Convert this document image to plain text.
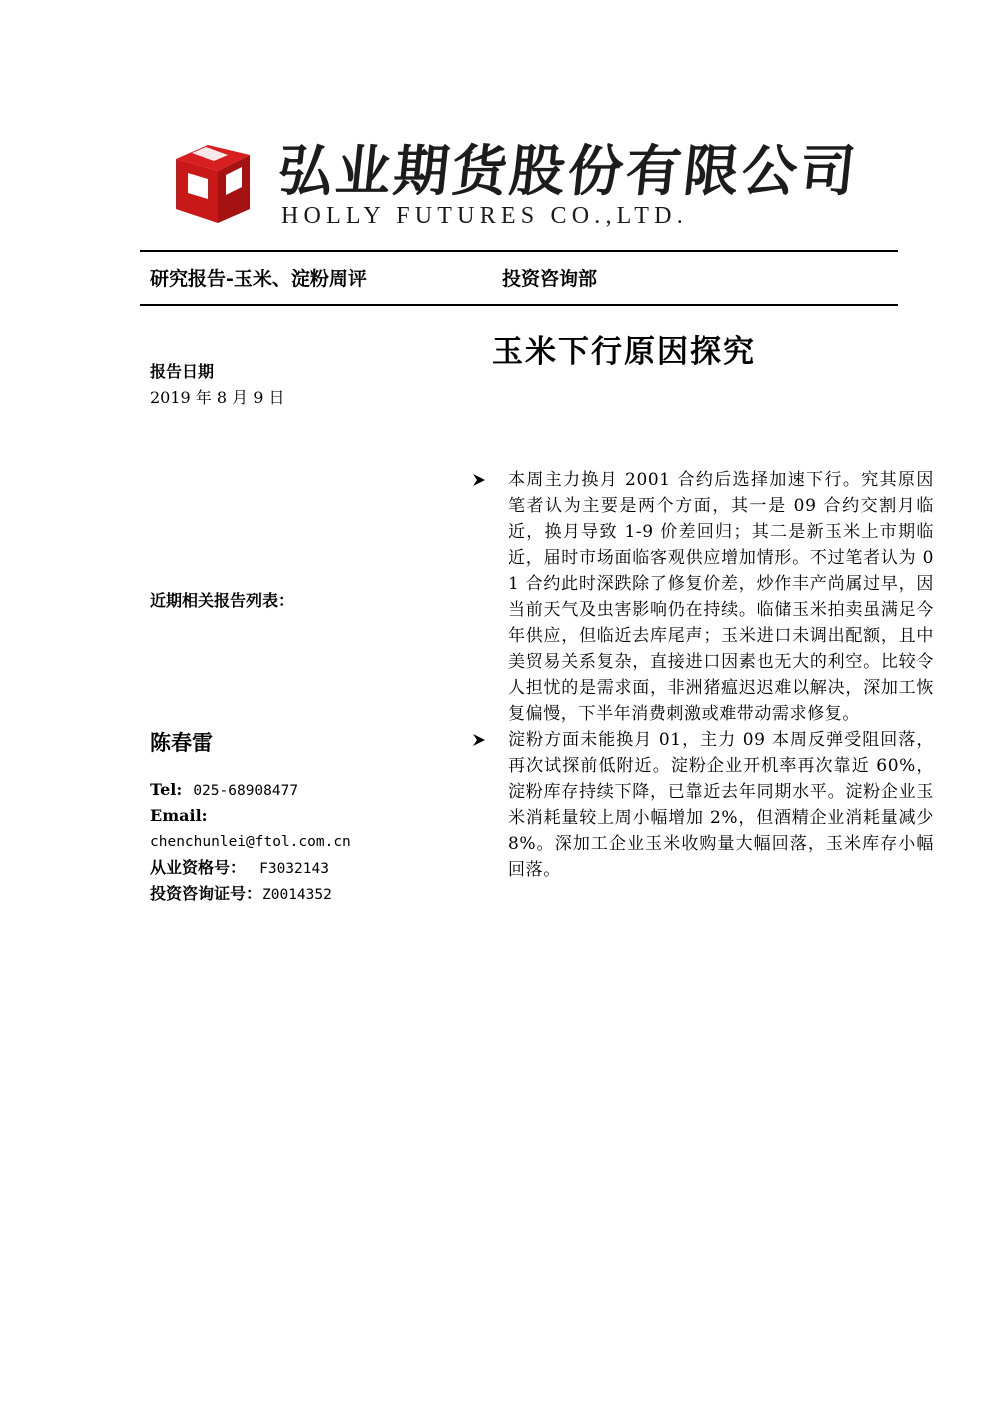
弘业期货股份有限公司
HOLLY FUTURES CO.,LTD.
研究报告-玉米、淀粉周评	投资咨询部
玉米下行原因探究
报告日期
2019 年 8 月 9 日
近期相关报告列表：
陈春雷
Tel: 025-68908477
Email:
chenchunlei@ftol.com.cn
从业资格号： F3032143
投资咨询证号：Z0014352
本周主力换月 2001 合约后选择加速下行。究其原因笔者认为主要是两个方面，其一是 09 合约交割月临近，换月导致 1-9 价差回归；其二是新玉米上市期临近，届时市场面临客观供应增加情形。不过笔者认为 01 合约此时深跌除了修复价差，炒作丰产尚属过早，因当前天气及虫害影响仍在持续。临储玉米拍卖虽满足今年供应，但临近去库尾声；玉米进口未调出配额，且中美贸易关系复杂，直接进口因素也无大的利空。比较令人担忧的是需求面，非洲猪瘟迟迟难以解决，深加工恢复偏慢，下半年消费刺激或难带动需求修复。
淀粉方面未能换月 01，主力 09 本周反弹受阻回落，再次试探前低附近。淀粉企业开机率再次靠近 60%，淀粉库存持续下降，已靠近去年同期水平。淀粉企业玉米消耗量较上周小幅增加 2%，但酒精企业消耗量减少 8%。深加工企业玉米收购量大幅回落，玉米库存小幅回落。
